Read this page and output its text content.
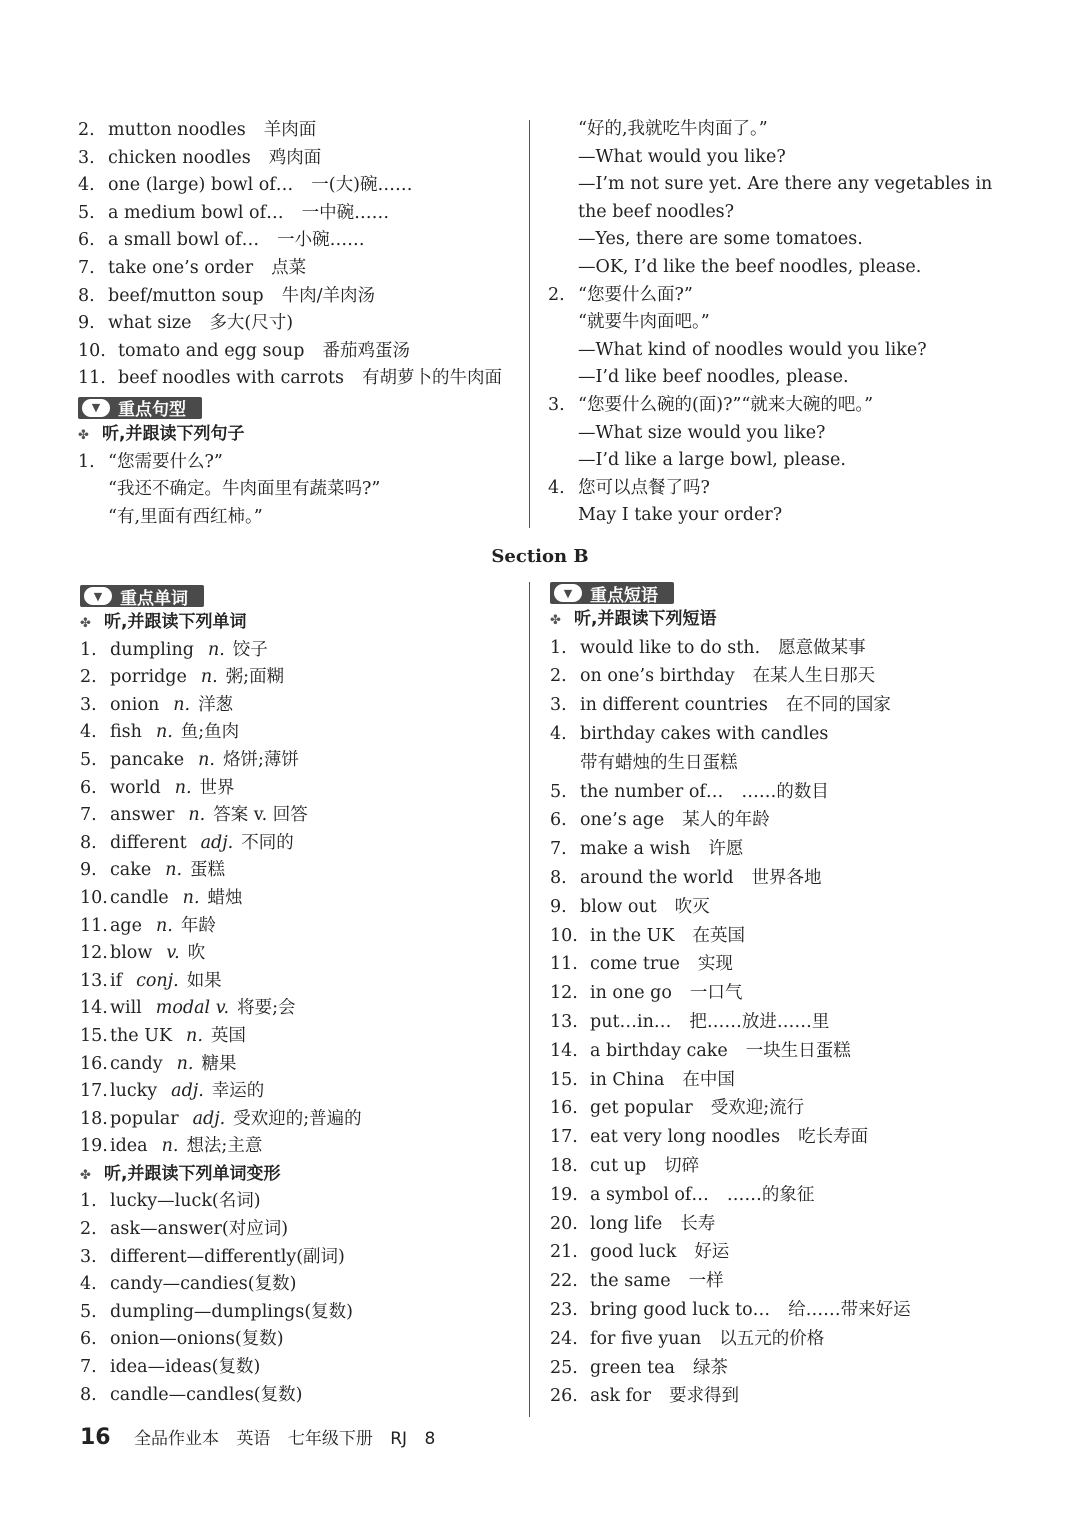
2. mutton noodles 羊肉面
3. chicken noodles 鸡肉面
4. one (large) bowl of… 一(大)碗……
5. a medium bowl of… 一中碗……
6. a small bowl of… 一小碗……
7. take one’s order 点菜
8. beef/mutton soup 牛肉/羊肉汤
9. what size 多大(尺寸)
10. tomato and egg soup 番茄鸡蛋汤
11. beef noodles with carrots 有胡萝卜的牛肉面
▼	重点句型
✤ 听,并跟读下列句子
1. “您需要什么?”
“我还不确定。牛肉面里有蔬菜吗?”
“有,里面有西红柿。”
“好的,我就吃牛肉面了。”
—What would you like?
—I’m not sure yet. Are there any vegetables in
the beef noodles?
—Yes, there are some tomatoes.
—OK, I’d like the beef noodles, please.
2. “您要什么面?”
“就要牛肉面吧。”
—What kind of noodles would you like?
—I’d like beef noodles, please.
3. “您要什么碗的(面)?”“就来大碗的吧。”
—What size would you like?
—I’d like a large bowl, please.
4. 您可以点餐了吗?
May I take your order?
Section B
▼	重点单词
✤ 听,并跟读下列单词
1. dumpling n. 饺子
2. porridge n. 粥;面糊
3. onion n. 洋葱
4. fish n. 鱼;鱼肉
5. pancake n. 烙饼;薄饼
6. world n. 世界
7. answer n. 答案 v. 回答
8. different adj. 不同的
9. cake n. 蛋糕
10. candle n. 蜡烛
11. age n. 年龄
12. blow v. 吹
13. if conj. 如果
14. will modal v. 将要;会
15. the UK n. 英国
16. candy n. 糖果
17. lucky adj. 幸运的
18. popular adj. 受欢迎的;普遍的
19. idea n. 想法;主意
✤ 听,并跟读下列单词变形
1. lucky—luck(名词)
2. ask—answer(对应词)
3. different—differently(副词)
4. candy—candies(复数)
5. dumpling—dumplings(复数)
6. onion—onions(复数)
7. idea—ideas(复数)
8. candle—candles(复数)
▼	重点短语
✤ 听,并跟读下列短语
1. would like to do sth. 愿意做某事
2. on one’s birthday 在某人生日那天
3. in different countries 在不同的国家
4. birthday cakes with candles
带有蜡烛的生日蛋糕
5. the number of… ……的数目
6. one’s age 某人的年龄
7. make a wish 许愿
8. around the world 世界各地
9. blow out 吹灭
10. in the UK 在英国
11. come true 实现
12. in one go 一口气
13. put…in… 把……放进……里
14. a birthday cake 一块生日蛋糕
15. in China 在中国
16. get popular 受欢迎;流行
17. eat very long noodles 吃长寿面
18. cut up 切碎
19. a symbol of… ……的象征
20. long life 长寿
21. good luck 好运
22. the same 一样
23. bring good luck to… 给……带来好运
24. for five yuan 以五元的价格
25. green tea 绿茶
26. ask for 要求得到
16 全品作业本 英语 七年级下册 RJ 8
